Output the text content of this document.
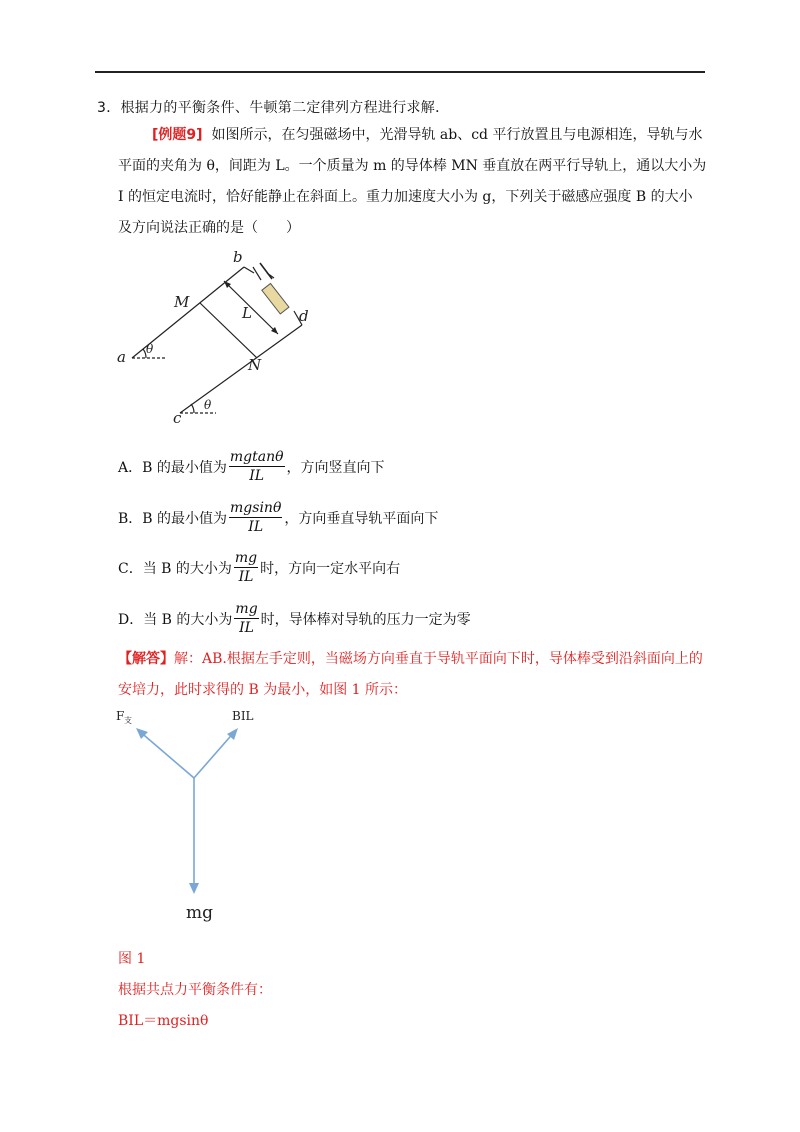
3．根据力的平衡条件、牛顿第二定律列方程进行求解．
[例题9] 如图所示，在匀强磁场中，光滑导轨 ab、cd 平行放置且与电源相连，导轨与水
平面的夹角为 θ，间距为 L。一个质量为 m 的导体棒 MN 垂直放在两平行导轨上，通以大小为
I 的恒定电流时，恰好能静止在斜面上。重力加速度大小为 g，下列关于磁感应强度 B 的大小
及方向说法正确的是（　　）
b
M
L	d
a θ
N
c
θ
A．B 的最小值为 $\frac{mgtan\theta}{IL}$ ，方向竖直向下
B．B 的最小值为 $\frac{mgsin\theta}{IL}$ ，方向垂直导轨平面向下
C．当 B 的大小为 $\frac{mg}{IL}$ 时，方向一定水平向右
D．当 B 的大小为 $\frac{mg}{IL}$ 时，导体棒对导轨的压力一定为零
【解答】解：AB.根据左手定则，当磁场方向垂直于导轨平面向下时，导体棒受到沿斜面向上的
安培力，此时求得的 B 为最小，如图 1 所示：
F 支	BIL
mg
图 1
根据共点力平衡条件有：
BIL＝mgsinθ
